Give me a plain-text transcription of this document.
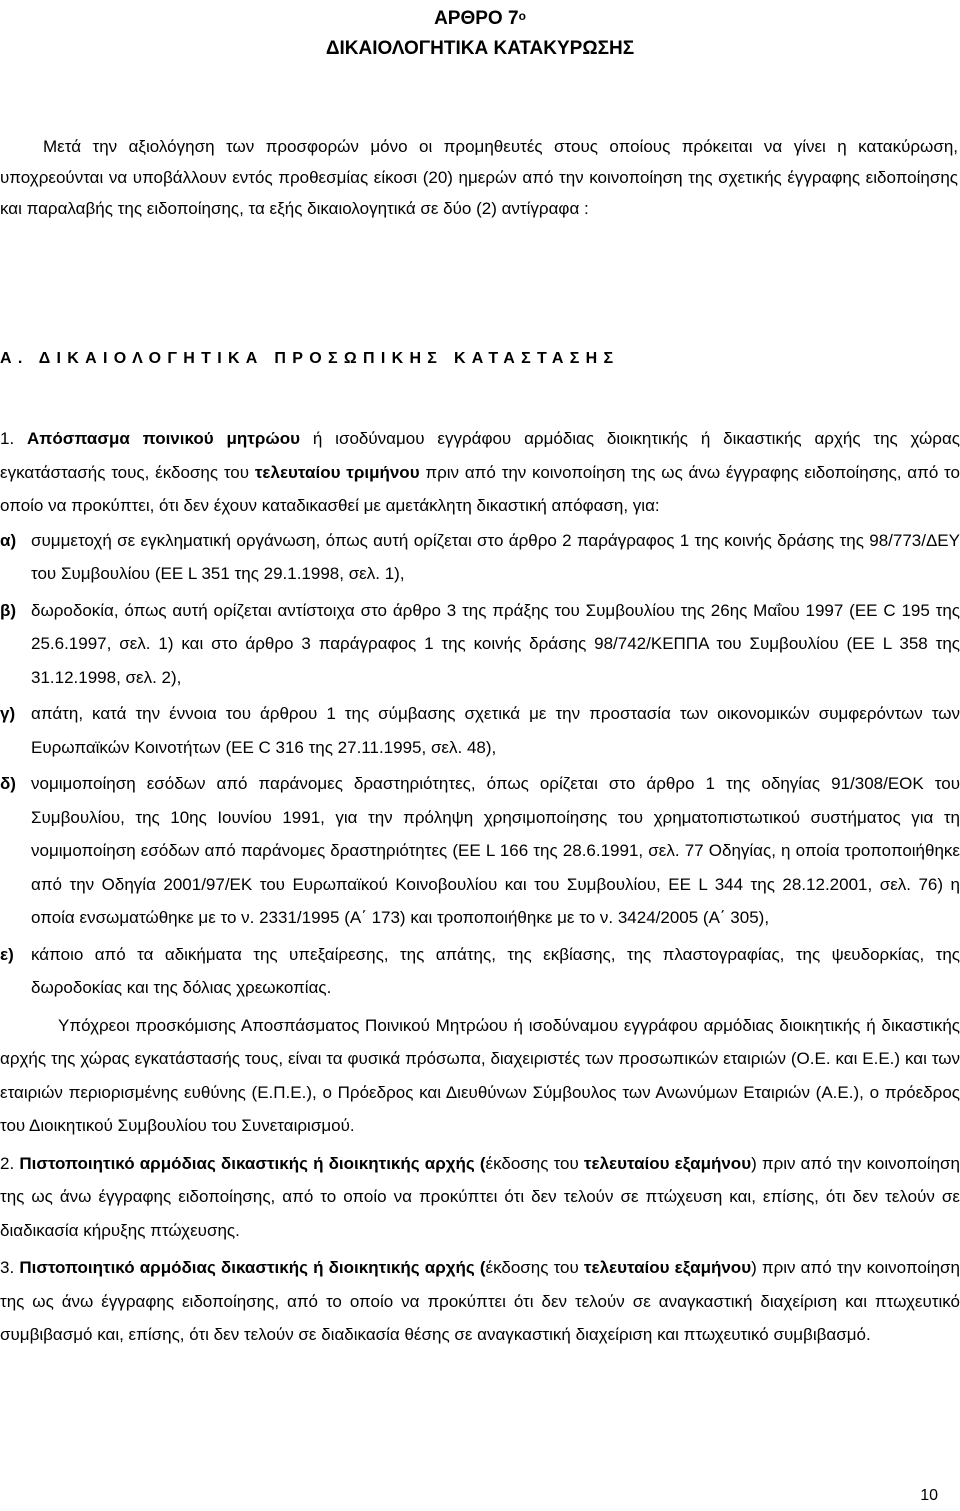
ΑΡΘΡΟ $7^o$
ΔΙΚΑΙΟΛΟΓΗΤΙΚΑ ΚΑΤΑΚΥΡΩΣΗΣ

Μετά την αξιολόγηση των προσφορών μόνο οι προμηθευτές στους οποίους πρόκειται να γίνει η κατακύρωση, υποχρεούνται να υποβάλλουν εντός προθεσμίας είκοσι (20) ημερών από την κοινοποίηση της σχετικής έγγραφης ειδοποίησης και παραλαβής της ειδοποίησης, τα εξής δικαιολογητικά σε δύο (2) αντίγραφα :

Α. ΔΙΚΑΙΟΛΟΓΗΤΙΚΑ ΠΡΟΣΩΠΙΚΗΣ ΚΑΤΑΣΤΑΣΗΣ

1. Απόσπασμα ποινικού μητρώου ή ισοδύναμου εγγράφου αρμόδιας διοικητικής ή δικαστικής αρχής της χώρας εγκατάστασής τους, έκδοσης του τελευταίου τριμήνου πριν από την κοινοποίηση της ως άνω έγγραφης ειδοποίησης, από το οποίο να προκύπτει, ότι δεν έχουν καταδικασθεί με αμετάκλητη δικαστική απόφαση, για:

α) συμμετοχή σε εγκληματική οργάνωση, όπως αυτή ορίζεται στο άρθρο 2 παράγραφος 1 της κοινής δράσης της 98/773/ΔΕΥ του Συμβουλίου (ΕΕ L 351 της 29.1.1998, σελ. 1),

β) δωροδοκία, όπως αυτή ορίζεται αντίστοιχα στο άρθρο 3 της πράξης του Συμβουλίου της 26ης Μαΐου 1997 (ΕΕ C 195 της 25.6.1997, σελ. 1) και στο άρθρο 3 παράγραφος 1 της κοινής δράσης 98/742/ΚΕΠΠΑ του Συμβουλίου (ΕΕ L 358 της 31.12.1998, σελ. 2),

γ) απάτη, κατά την έννοια του άρθρου 1 της σύμβασης σχετικά με την προστασία των οικονομικών συμφερόντων των Ευρωπαϊκών Κοινοτήτων (ΕΕ C 316 της 27.11.1995, σελ. 48),

δ) νομιμοποίηση εσόδων από παράνομες δραστηριότητες, όπως ορίζεται στο άρθρο 1 της οδηγίας 91/308/ΕΟΚ του Συμβουλίου, της 10ης Ιουνίου 1991, για την πρόληψη χρησιμοποίησης του χρηματοπιστωτικού συστήματος για τη νομιμοποίηση εσόδων από παράνομες δραστηριότητες (ΕΕ L 166 της 28.6.1991, σελ. 77 Οδηγίας, η οποία τροποποιήθηκε από την Οδηγία 2001/97/ΕΚ του Ευρωπαϊκού Κοινοβουλίου και του Συμβουλίου, ΕΕ L 344 της 28.12.2001, σελ. 76) η οποία ενσωματώθηκε με το ν. 2331/1995 (Α΄ 173) και τροποποιήθηκε με το ν. 3424/2005 (Α΄ 305),

ε) κάποιο από τα αδικήματα της υπεξαίρεσης, της απάτης, της εκβίασης, της πλαστογραφίας, της ψευδορκίας, της δωροδοκίας και της δόλιας χρεωκοπίας.

Υπόχρεοι προσκόμισης Αποσπάσματος Ποινικού Μητρώου ή ισοδύναμου εγγράφου αρμόδιας διοικητικής ή δικαστικής αρχής της χώρας εγκατάστασής τους, είναι τα φυσικά πρόσωπα, διαχειριστές των προσωπικών εταιριών (Ο.Ε. και Ε.Ε.) και των εταιριών περιορισμένης ευθύνης (Ε.Π.Ε.), ο Πρόεδρος και Διευθύνων Σύμβουλος των Ανωνύμων Εταιριών (Α.Ε.), ο πρόεδρος του Διοικητικού Συμβουλίου του Συνεταιρισμού.

2. Πιστοποιητικό αρμόδιας δικαστικής ή διοικητικής αρχής (έκδοσης του τελευταίου εξαμήνου) πριν από την κοινοποίηση της ως άνω έγγραφης ειδοποίησης, από το οποίο να προκύπτει ότι δεν τελούν σε πτώχευση και, επίσης, ότι δεν τελούν σε διαδικασία κήρυξης πτώχευσης.

3. Πιστοποιητικό αρμόδιας δικαστικής ή διοικητικής αρχής (έκδοσης του τελευταίου εξαμήνου) πριν από την κοινοποίηση της ως άνω έγγραφης ειδοποίησης, από το οποίο να προκύπτει ότι δεν τελούν σε αναγκαστική διαχείριση και πτωχευτικό συμβιβασμό και, επίσης, ότι δεν τελούν σε διαδικασία θέσης σε αναγκαστική διαχείριση και πτωχευτικό συμβιβασμό.

10
